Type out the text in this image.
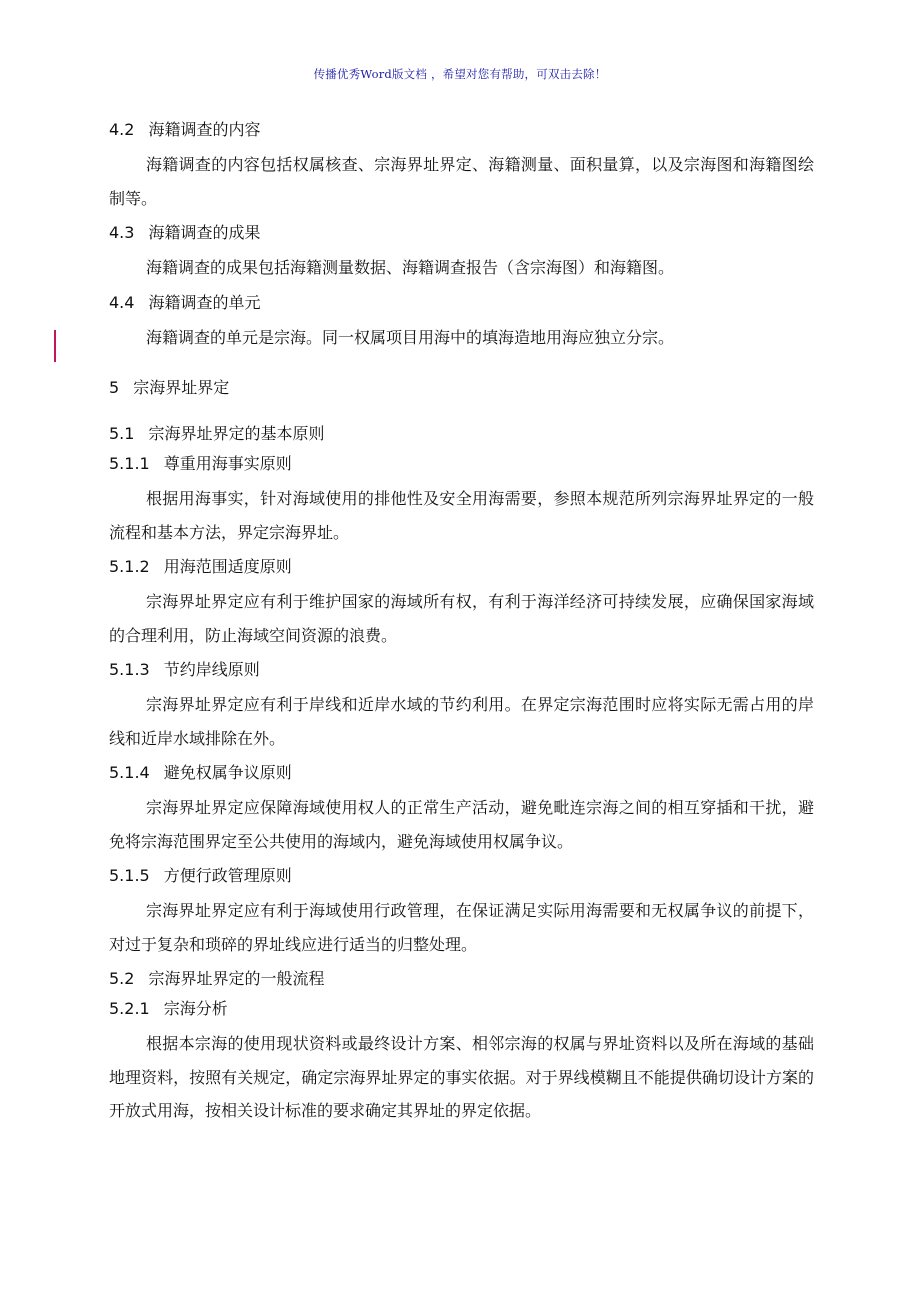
传播优秀Word版文档 ，希望对您有帮助，可双击去除！
4.2 海籍调查的内容

海籍调查的内容包括权属核查、宗海界址界定、海籍测量、面积量算，以及宗海图和海籍图绘制等。

4.3 海籍调查的成果

海籍调查的成果包括海籍测量数据、海籍调查报告（含宗海图）和海籍图。

4.4 海籍调查的单元

海籍调查的单元是宗海。同一权属项目用海中的填海造地用海应独立分宗。

5 宗海界址界定
5.1 宗海界址界定的基本原则
5.1.1 尊重用海事实原则

根据用海事实，针对海域使用的排他性及安全用海需要，参照本规范所列宗海界址界定的一般流程和基本方法，界定宗海界址。

5.1.2 用海范围适度原则

宗海界址界定应有利于维护国家的海域所有权，有利于海洋经济可持续发展，应确保国家海域的合理利用，防止海域空间资源的浪费。

5.1.3 节约岸线原则

宗海界址界定应有利于岸线和近岸水域的节约利用。在界定宗海范围时应将实际无需占用的岸线和近岸水域排除在外。

5.1.4 避免权属争议原则

宗海界址界定应保障海域使用权人的正常生产活动，避免毗连宗海之间的相互穿插和干扰，避免将宗海范围界定至公共使用的海域内，避免海域使用权属争议。

5.1.5 方便行政管理原则

宗海界址界定应有利于海域使用行政管理，在保证满足实际用海需要和无权属争议的前提下，对过于复杂和琐碎的界址线应进行适当的归整处理。

5.2 宗海界址界定的一般流程
5.2.1 宗海分析

根据本宗海的使用现状资料或最终设计方案、相邻宗海的权属与界址资料以及所在海域的基础地理资料，按照有关规定，确定宗海界址界定的事实依据。对于界线模糊且不能提供确切设计方案的开放式用海，按相关设计标准的要求确定其界址的界定依据。
